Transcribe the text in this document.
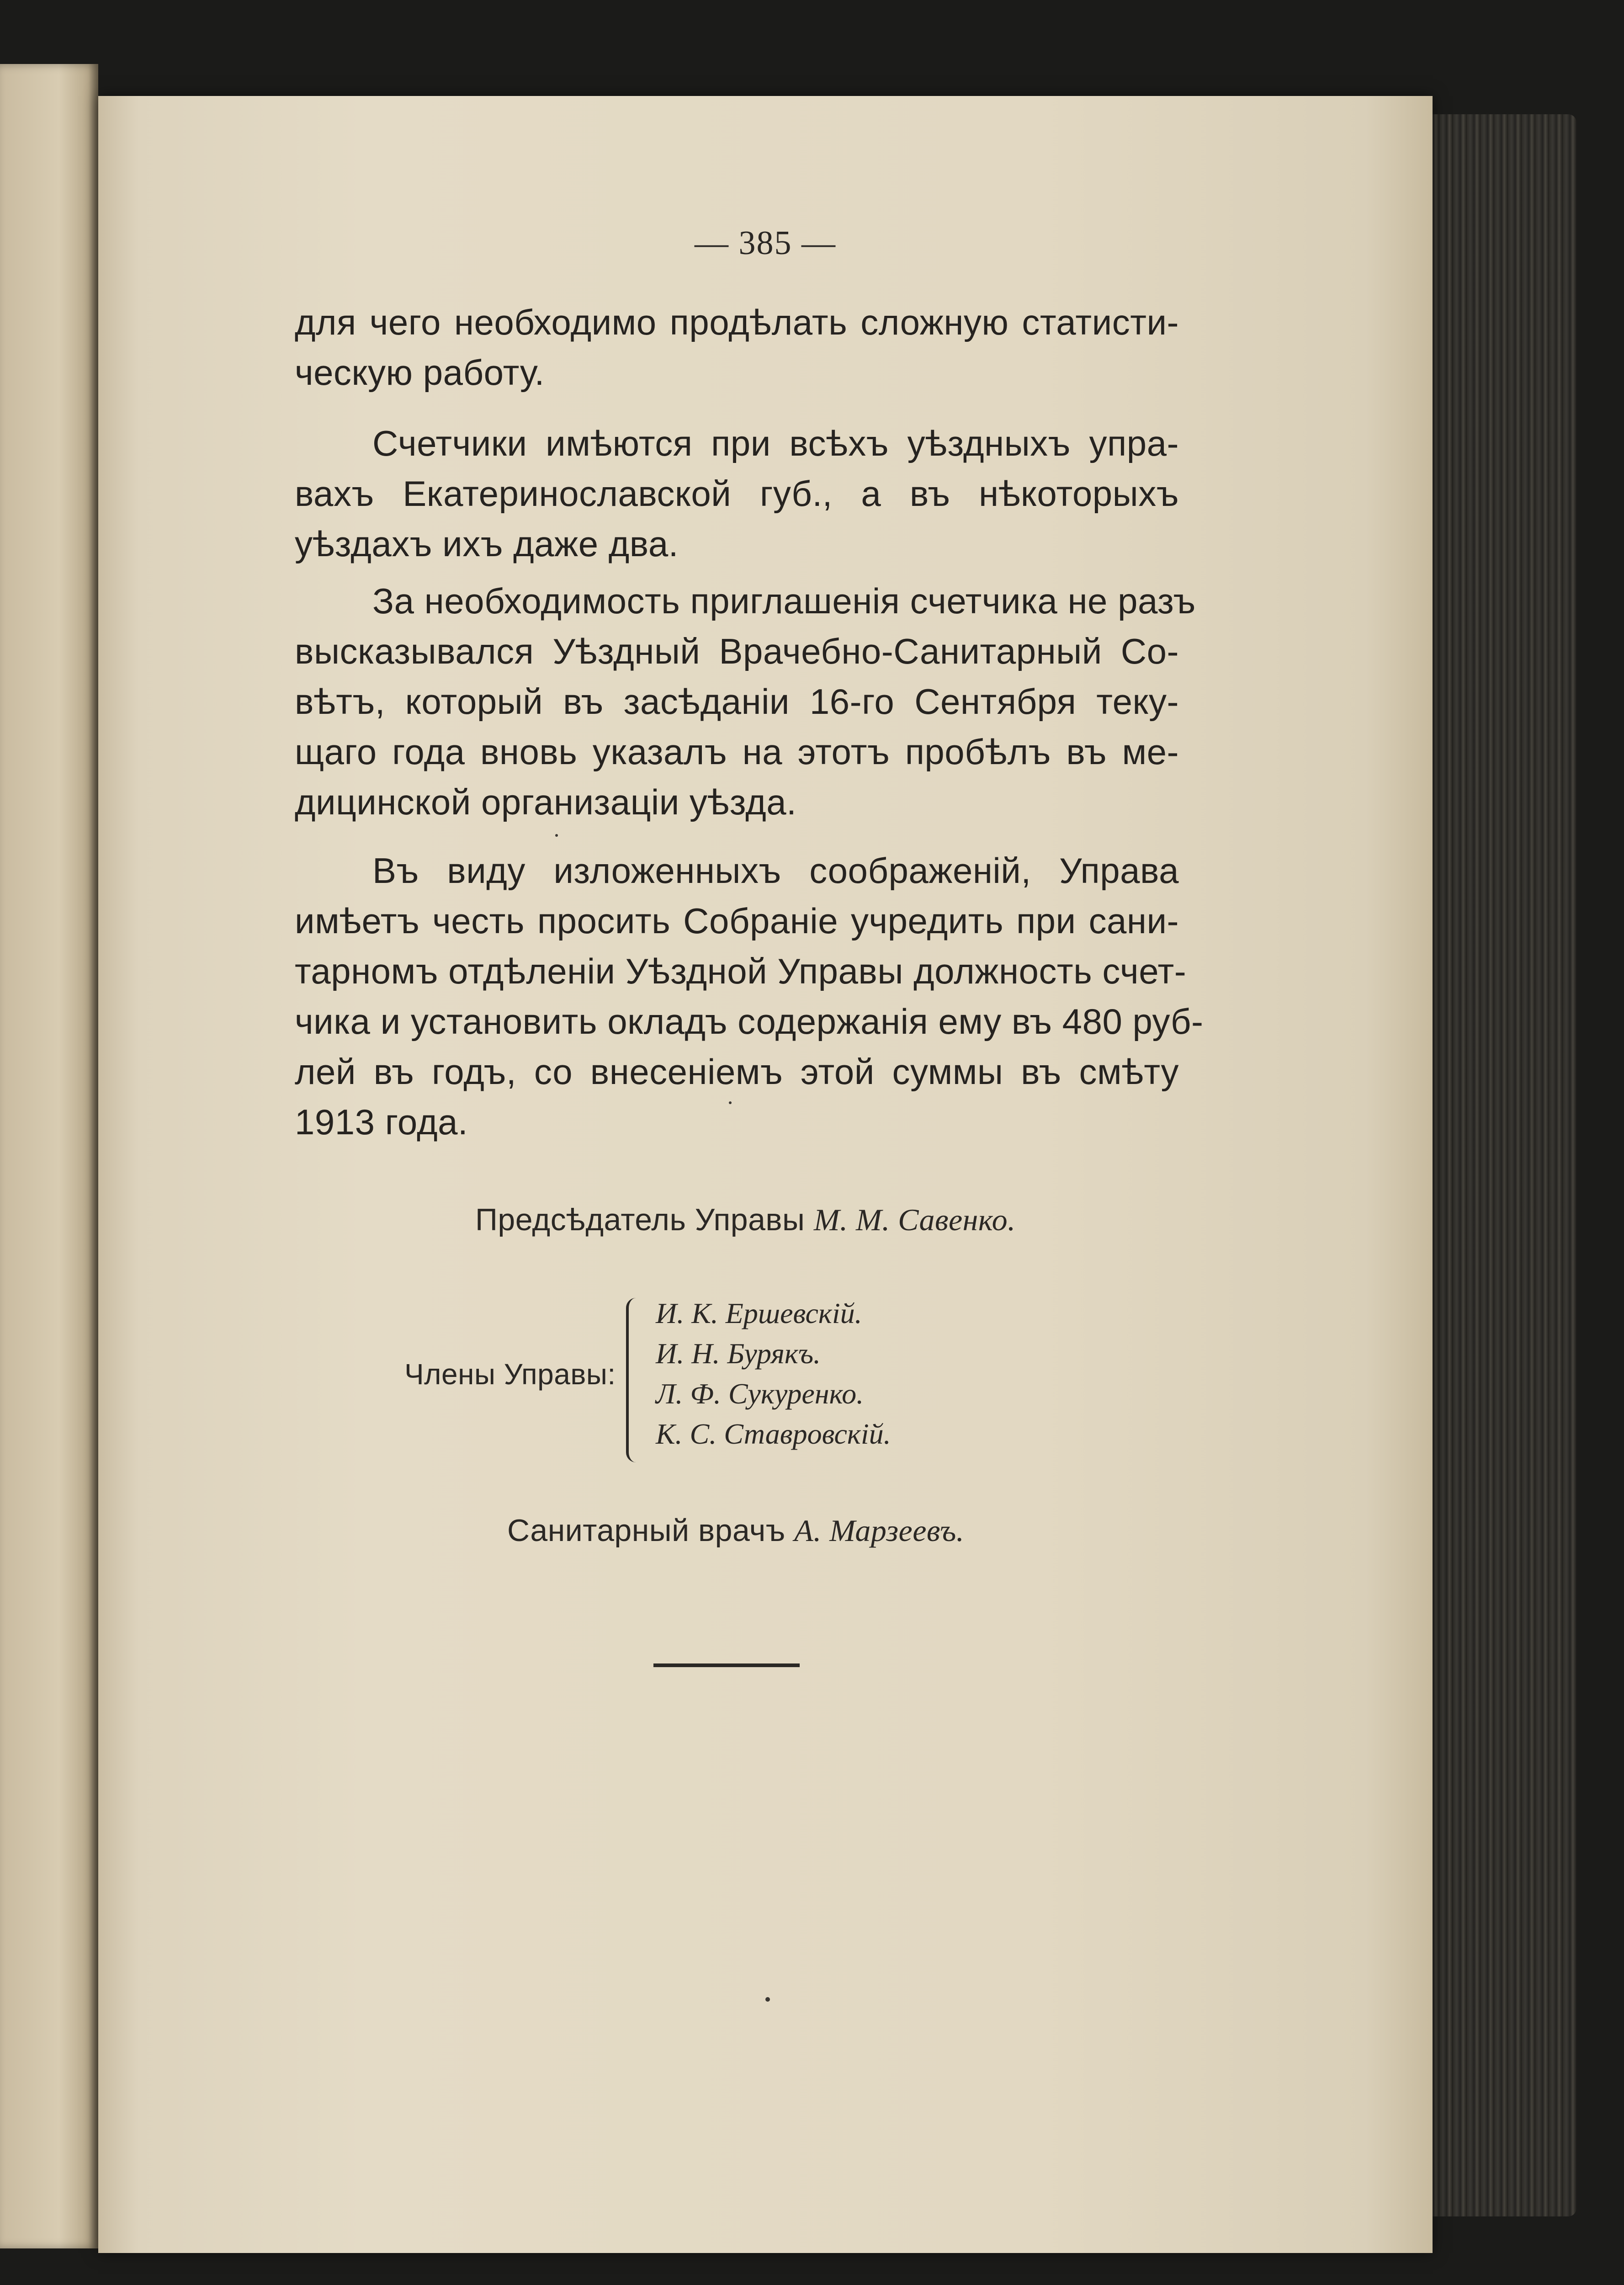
— 385 —
для чего необходимо продѣлать сложную статисти-
ческую работу.
Счетчики имѣются при всѣхъ уѣздныхъ упра-
вахъ Екатеринославской губ., а въ нѣкоторыхъ
уѣздахъ ихъ даже два.
За необходимость приглашенія счетчика не разъ
высказывался Уѣздный Врачебно-Санитарный Со-
вѣтъ, который въ засѣданіи 16-го Сентября теку-
щаго года вновь указалъ на этотъ пробѣлъ въ ме-
дицинской организаціи уѣзда.
Въ виду изложенныхъ соображеній, Управа
имѣетъ честь просить Собраніе учредить при сани-
тарномъ отдѣленіи Уѣздной Управы должность счет-
чика и установить окладъ содержанія ему въ 480 руб-
лей въ годъ, со внесеніемъ этой суммы въ смѣту
1913 года.
Предсѣдатель Управы М. М. Савенко.
Члены Управы:
И. К. Ершевскій.
И. Н. Бурякъ.
Л. Ф. Сукуренко.
К. С. Ставровскій.
Санитарный врачъ А. Марзеевъ.
